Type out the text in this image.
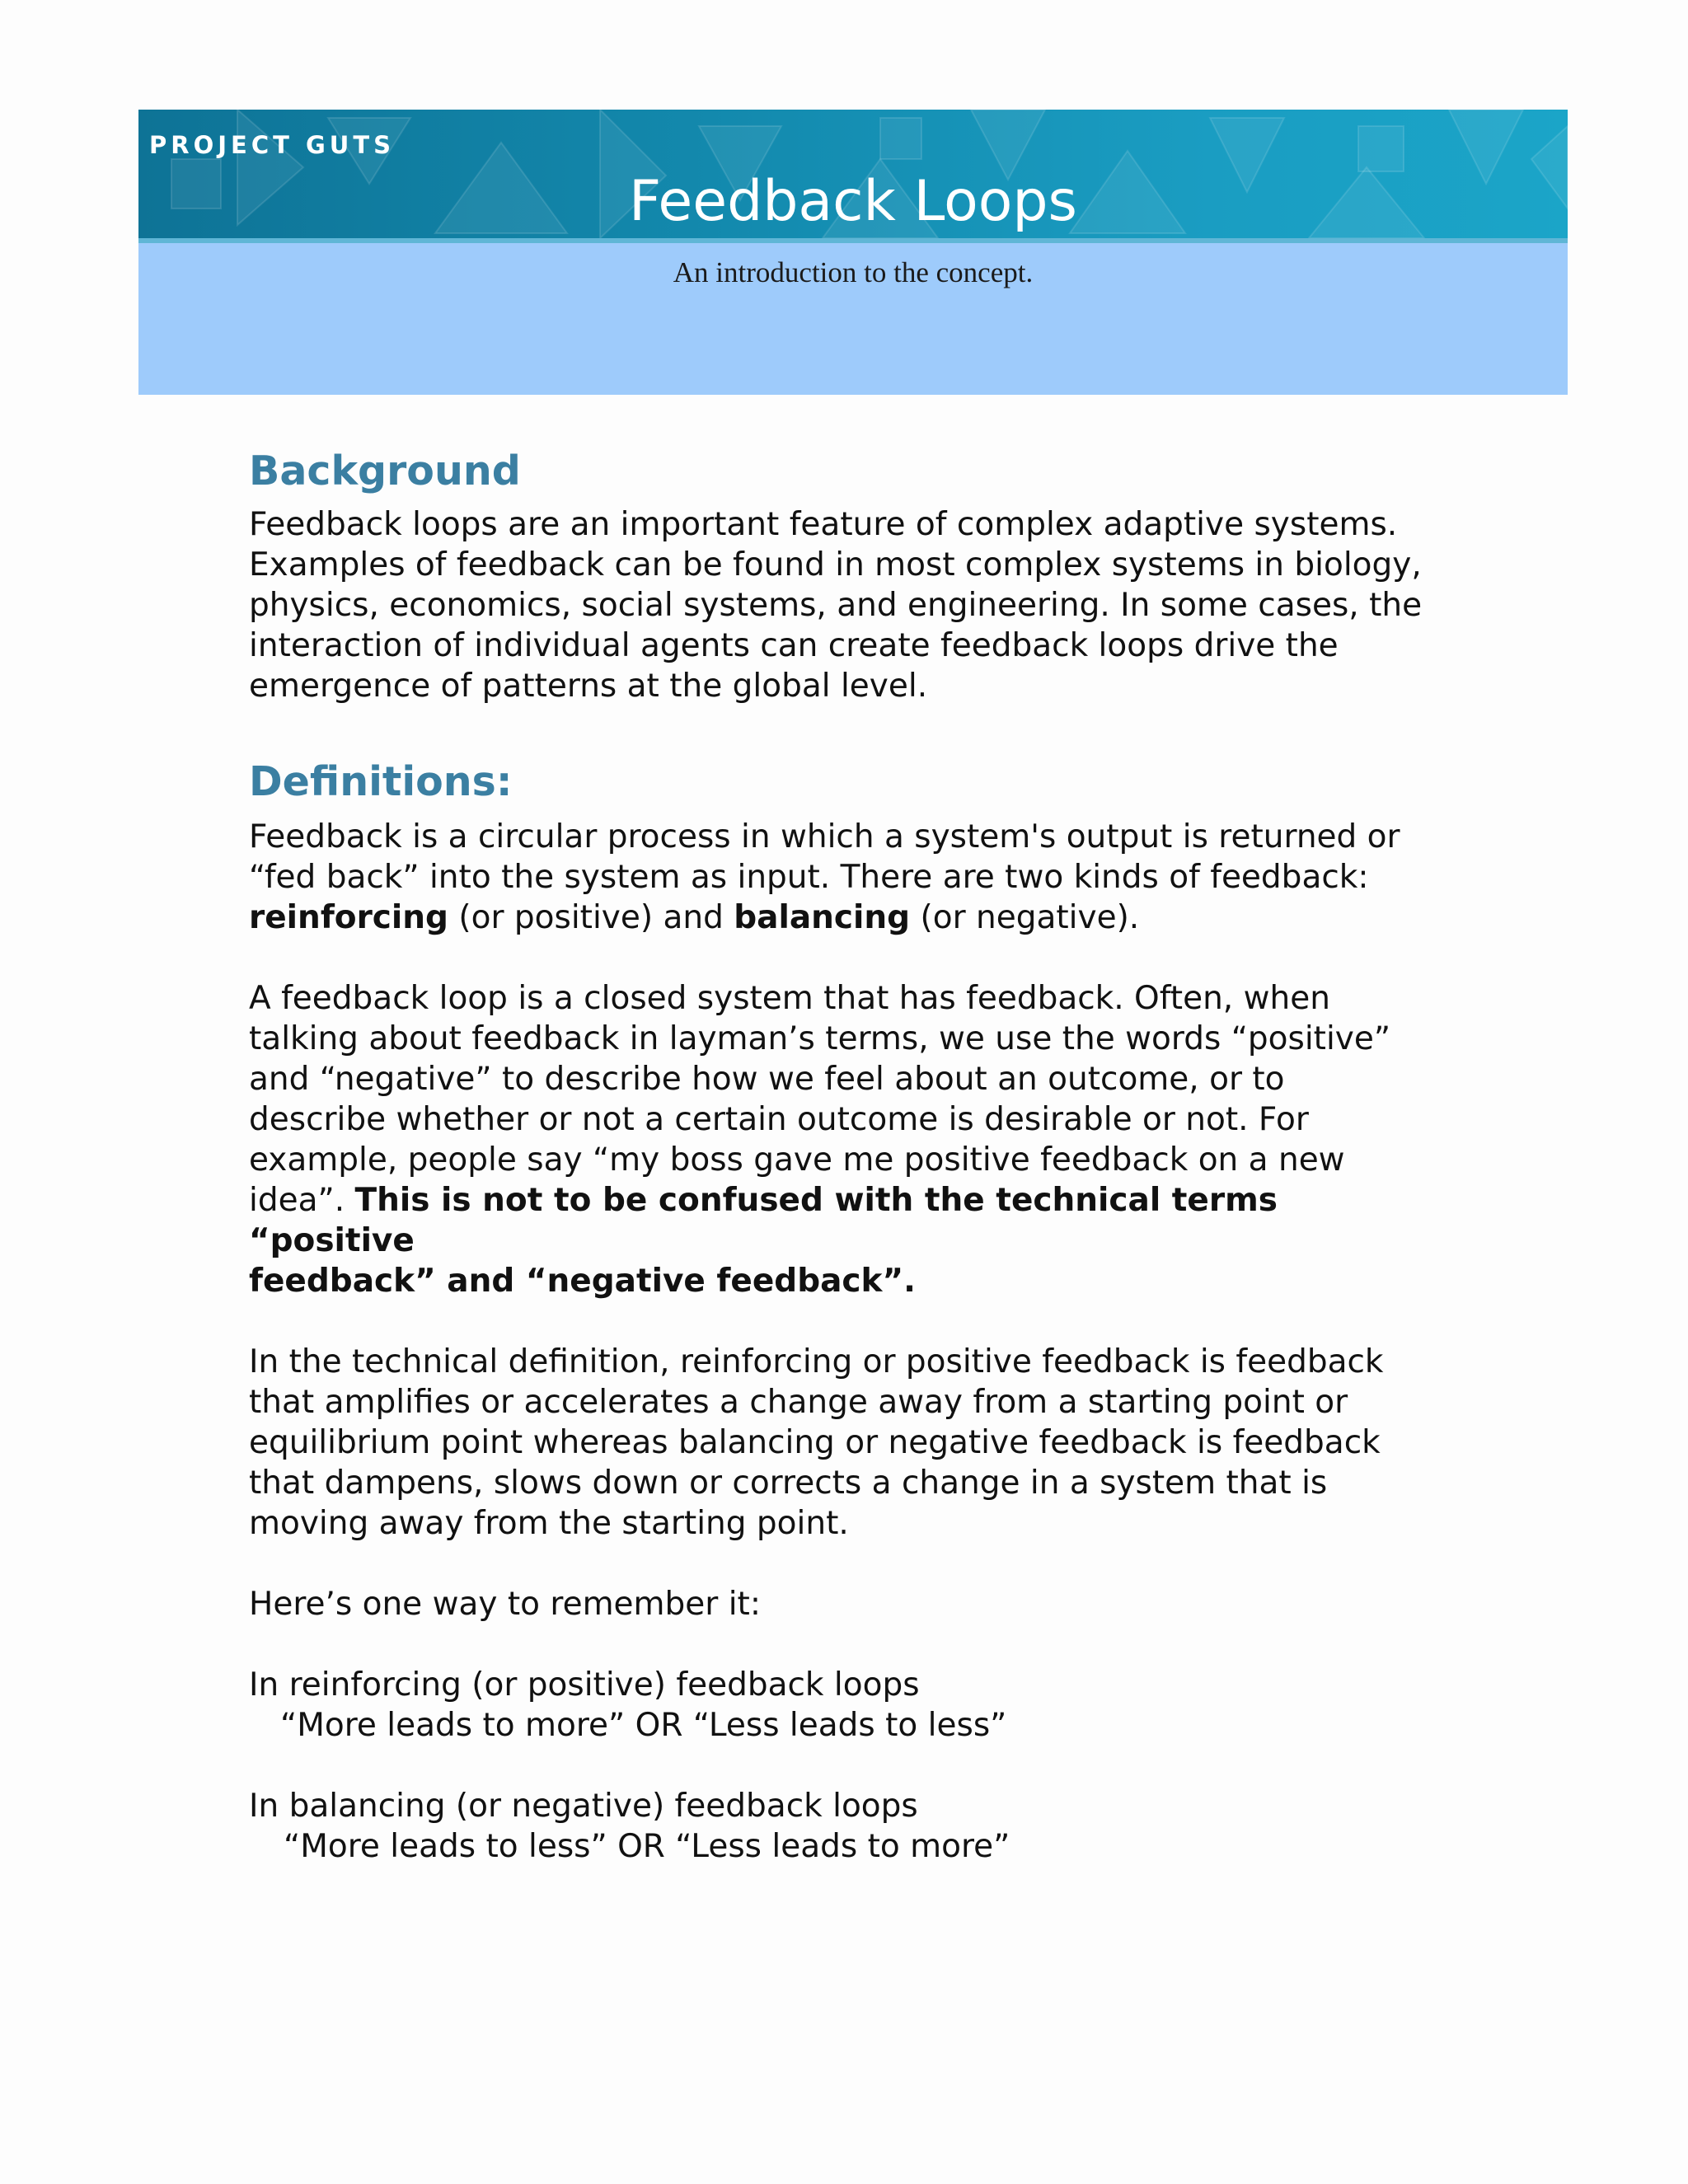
PROJECT GUTS
Feedback Loops
An introduction to the concept.
Background

Feedback loops are an important feature of complex adaptive systems.
Examples of feedback can be found in most complex systems in biology,
physics, economics, social systems, and engineering. In some cases, the
interaction of individual agents can create feedback loops drive the
emergence of patterns at the global level.

Definitions:

Feedback is a circular process in which a system's output is returned or
“fed back” into the system as input. There are two kinds of feedback:
reinforcing (or positive) and balancing (or negative).

A feedback loop is a closed system that has feedback. Often, when
talking about feedback in layman’s terms, we use the words “positive”
and “negative” to describe how we feel about an outcome, or to
describe whether or not a certain outcome is desirable or not. For
example, people say “my boss gave me positive feedback on a new
idea”. This is not to be confused with the technical terms “positive
feedback” and “negative feedback”.

In the technical definition, reinforcing or positive feedback is feedback
that amplifies or accelerates a change away from a starting point or
equilibrium point whereas balancing or negative feedback is feedback
that dampens, slows down or corrects a change in a system that is
moving away from the starting point.

Here’s one way to remember it:

In reinforcing (or positive) feedback loops

“More leads to more” OR “Less leads to less”

In balancing (or negative) feedback loops

“More leads to less” OR “Less leads to more”
